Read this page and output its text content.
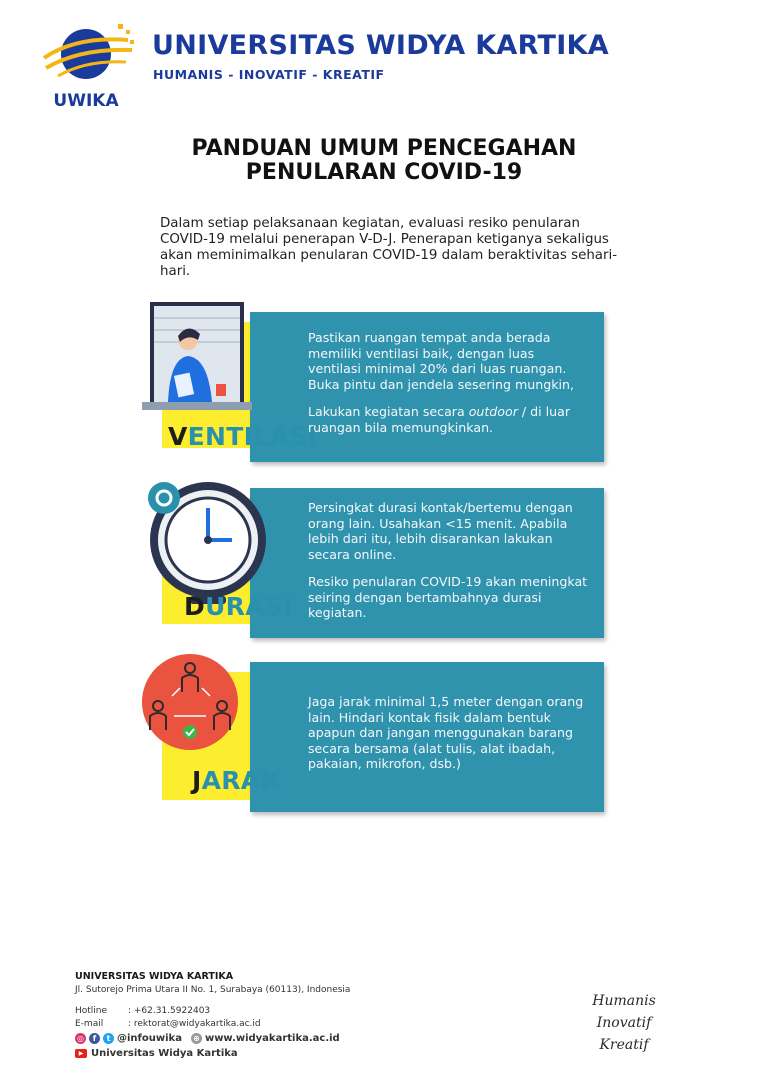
UWIKA
UNIVERSITAS WIDYA KARTIKA
HUMANIS - INOVATIF - KREATIF
PANDUAN UMUM PENCEGAHAN
PENULARAN COVID-19
Dalam setiap pelaksanaan kegiatan, evaluasi resiko penularan COVID-19 melalui penerapan V-D-J. Penerapan ketiganya sekaligus akan meminimalkan penularan COVID-19 dalam beraktivitas sehari-hari.
VENTILASI

Pastikan ruangan tempat anda berada memiliki ventilasi baik, dengan luas ventilasi minimal 20% dari luas ruangan. Buka pintu dan jendela sesering mungkin,

Lakukan kegiatan secara outdoor / di luar ruangan bila memungkinkan.

DURASI

Persingkat durasi kontak/bertemu dengan orang lain. Usahakan <15 menit. Apabila lebih dari itu, lebih disarankan lakukan secara online.

Resiko penularan COVID-19 akan meningkat seiring dengan bertambahnya durasi kegiatan.

JARAK

Jaga jarak minimal 1,5 meter dengan orang lain. Hindari kontak fisik dalam bentuk apapun dan jangan menggunakan barang secara bersama (alat tulis, alat ibadah, pakaian, mikrofon, dsb.)

UNIVERSITAS WIDYA KARTIKA
Jl. Sutorejo Prima Utara II No. 1, Surabaya (60113), Indonesia
Hotline : +62.31.5922403
E-mail	: rektorat@widyakartika.ac.id
◎	f	t @infouwika ⊕ www.widyakartika.ac.id
▶ Universitas Widya Kartika
Humanis
Inovatif
Kreatif
